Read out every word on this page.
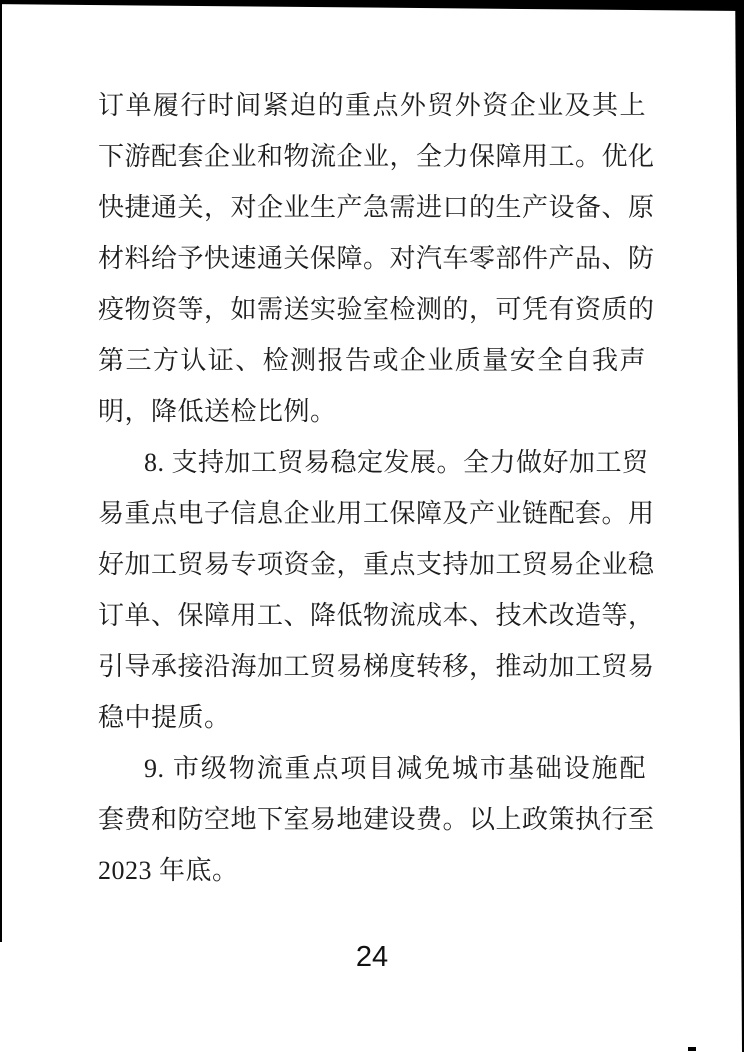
订单履行时间紧迫的重点外贸外资企业及其上
下游配套企业和物流企业，全力保障用工。优化
快捷通关，对企业生产急需进口的生产设备、原
材料给予快速通关保障。对汽车零部件产品、防
疫物资等，如需送实验室检测的，可凭有资质的
第三方认证、检测报告或企业质量安全自我声
明，降低送检比例。
8. 支持加工贸易稳定发展。全力做好加工贸
易重点电子信息企业用工保障及产业链配套。用
好加工贸易专项资金，重点支持加工贸易企业稳
订单、保障用工、降低物流成本、技术改造等，
引导承接沿海加工贸易梯度转移，推动加工贸易
稳中提质。
9. 市级物流重点项目减免城市基础设施配
套费和防空地下室易地建设费。以上政策执行至
2023 年底。
24
